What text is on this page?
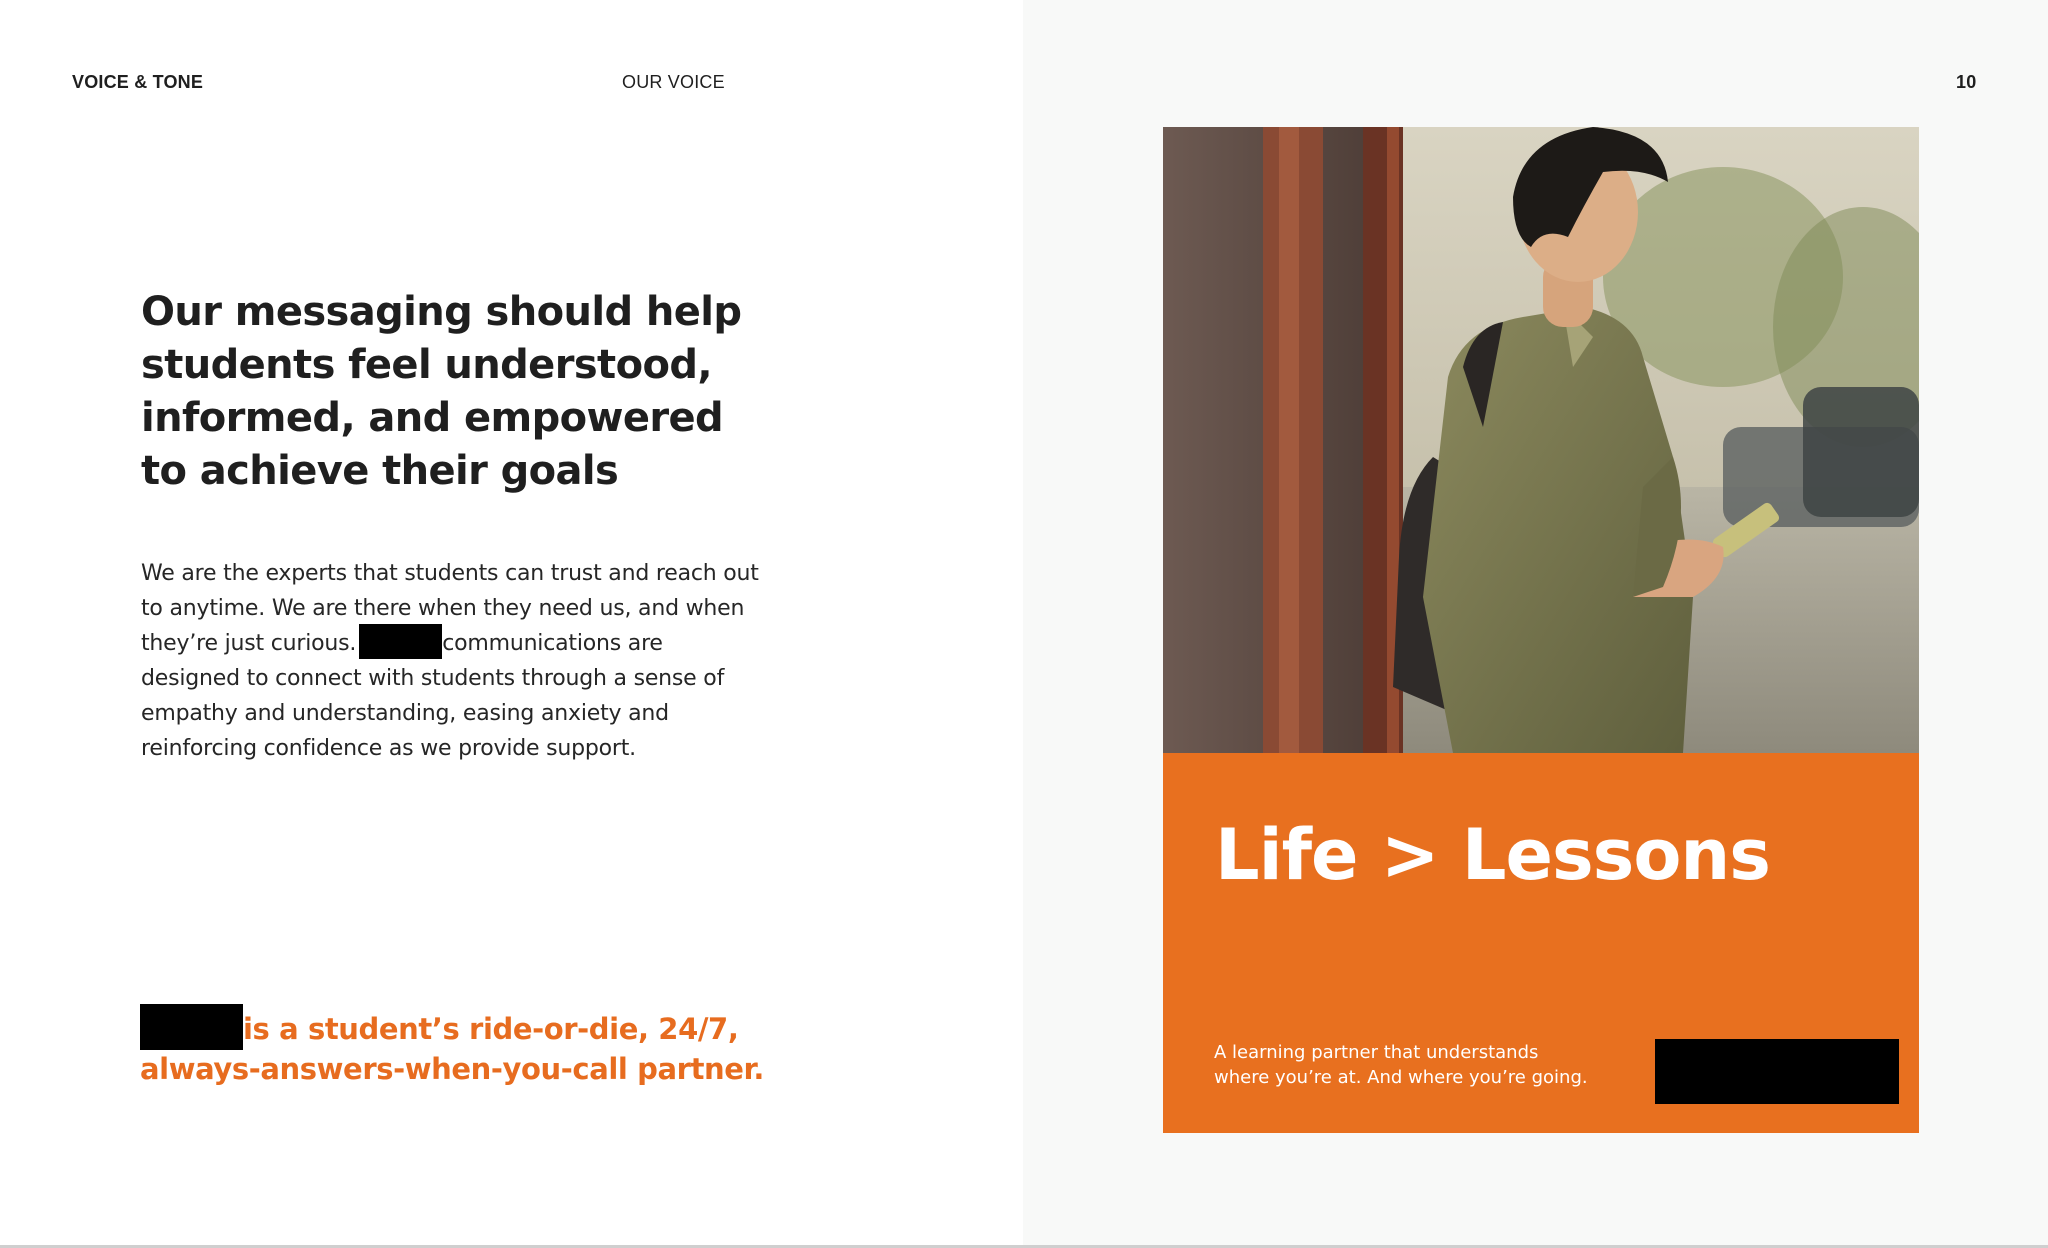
VOICE & TONE	OUR VOICE	10
Our messaging should help
students feel understood,
informed, and empowered
to achieve their goals

We are the experts that students can trust and reach out to anytime. We are there when they need us, and when they’re just curious.	communications are designed to connect with students through a sense of empathy and understanding, easing anxiety and reinforcing confidence as we provide support.

is a student’s ride-or-die, 24/7,
always-answers-when-you-call partner.

Life > Lessons

A learning partner that understands
where you’re at. And where you’re going.
